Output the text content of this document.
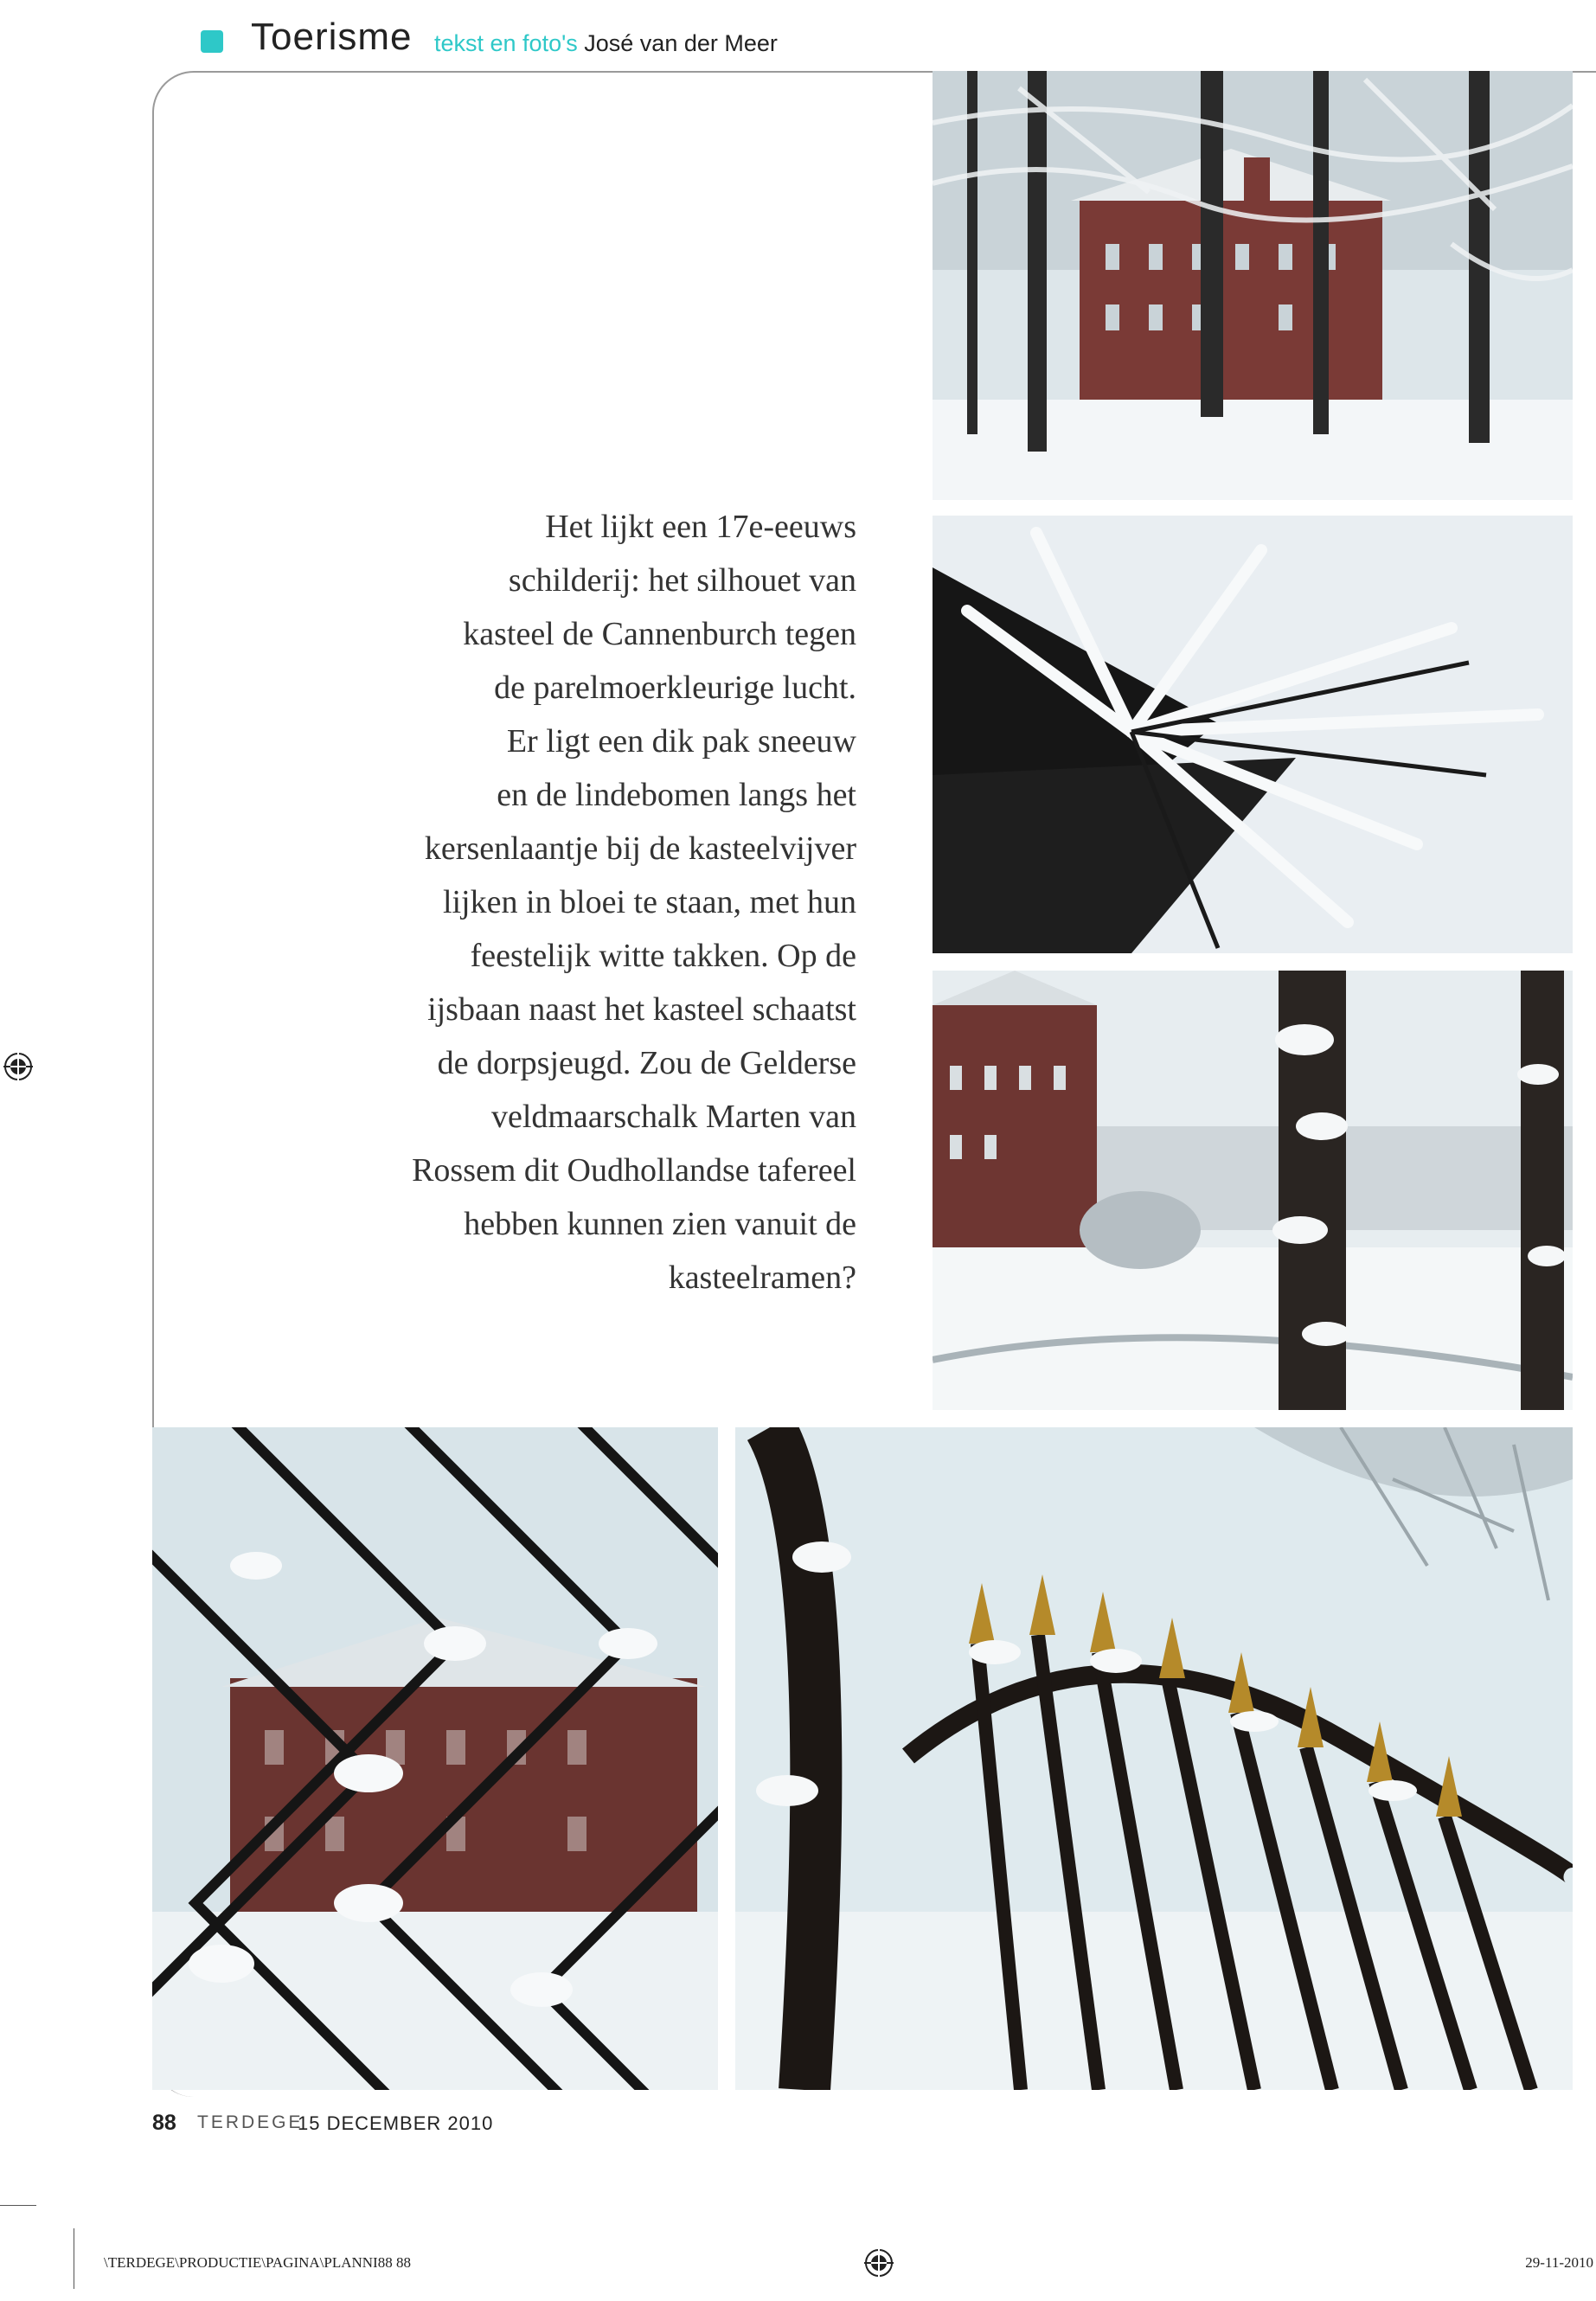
Toerisme tekst en foto's José van der Meer
Het lijkt een 17e-eeuws
schilderij: het silhouet van
kasteel de Cannenburch tegen
de parelmoerkleurige lucht.
Er ligt een dik pak sneeuw
en de lindebomen langs het
kersenlaantje bij de kasteelvijver
lijken in bloei te staan, met hun
feestelijk witte takken. Op de
ijsbaan naast het kasteel schaatst
de dorpsjeugd. Zou de Gelderse
veldmaarschalk Marten van
Rossem dit Oudhollandse tafereel
hebben kunnen zien vanuit de
kasteelramen?
88 TERDEGE
15 DECEMBER 2010
\TERDEGE\PRODUCTIE\PAGINA\PLANNI88 88	29-11-2010
